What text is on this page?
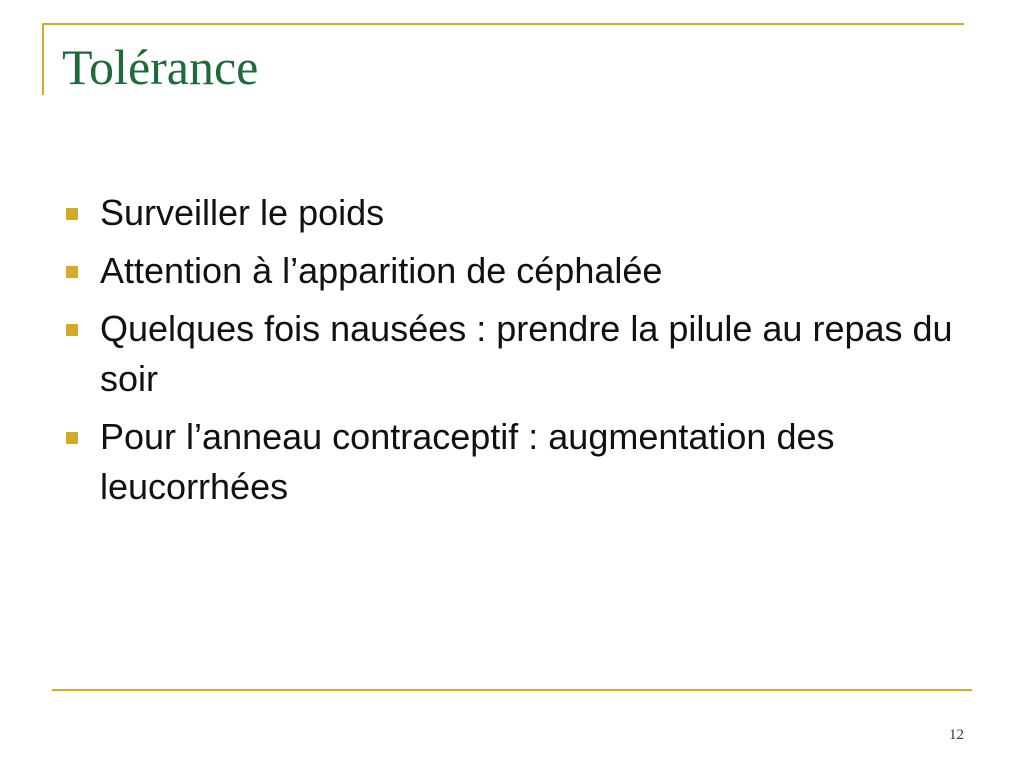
Tolérance
Surveiller le poids
Attention à l’apparition de céphalée
Quelques fois nausées : prendre la pilule au repas du soir
Pour l’anneau contraceptif : augmentation des leucorrhées
12
